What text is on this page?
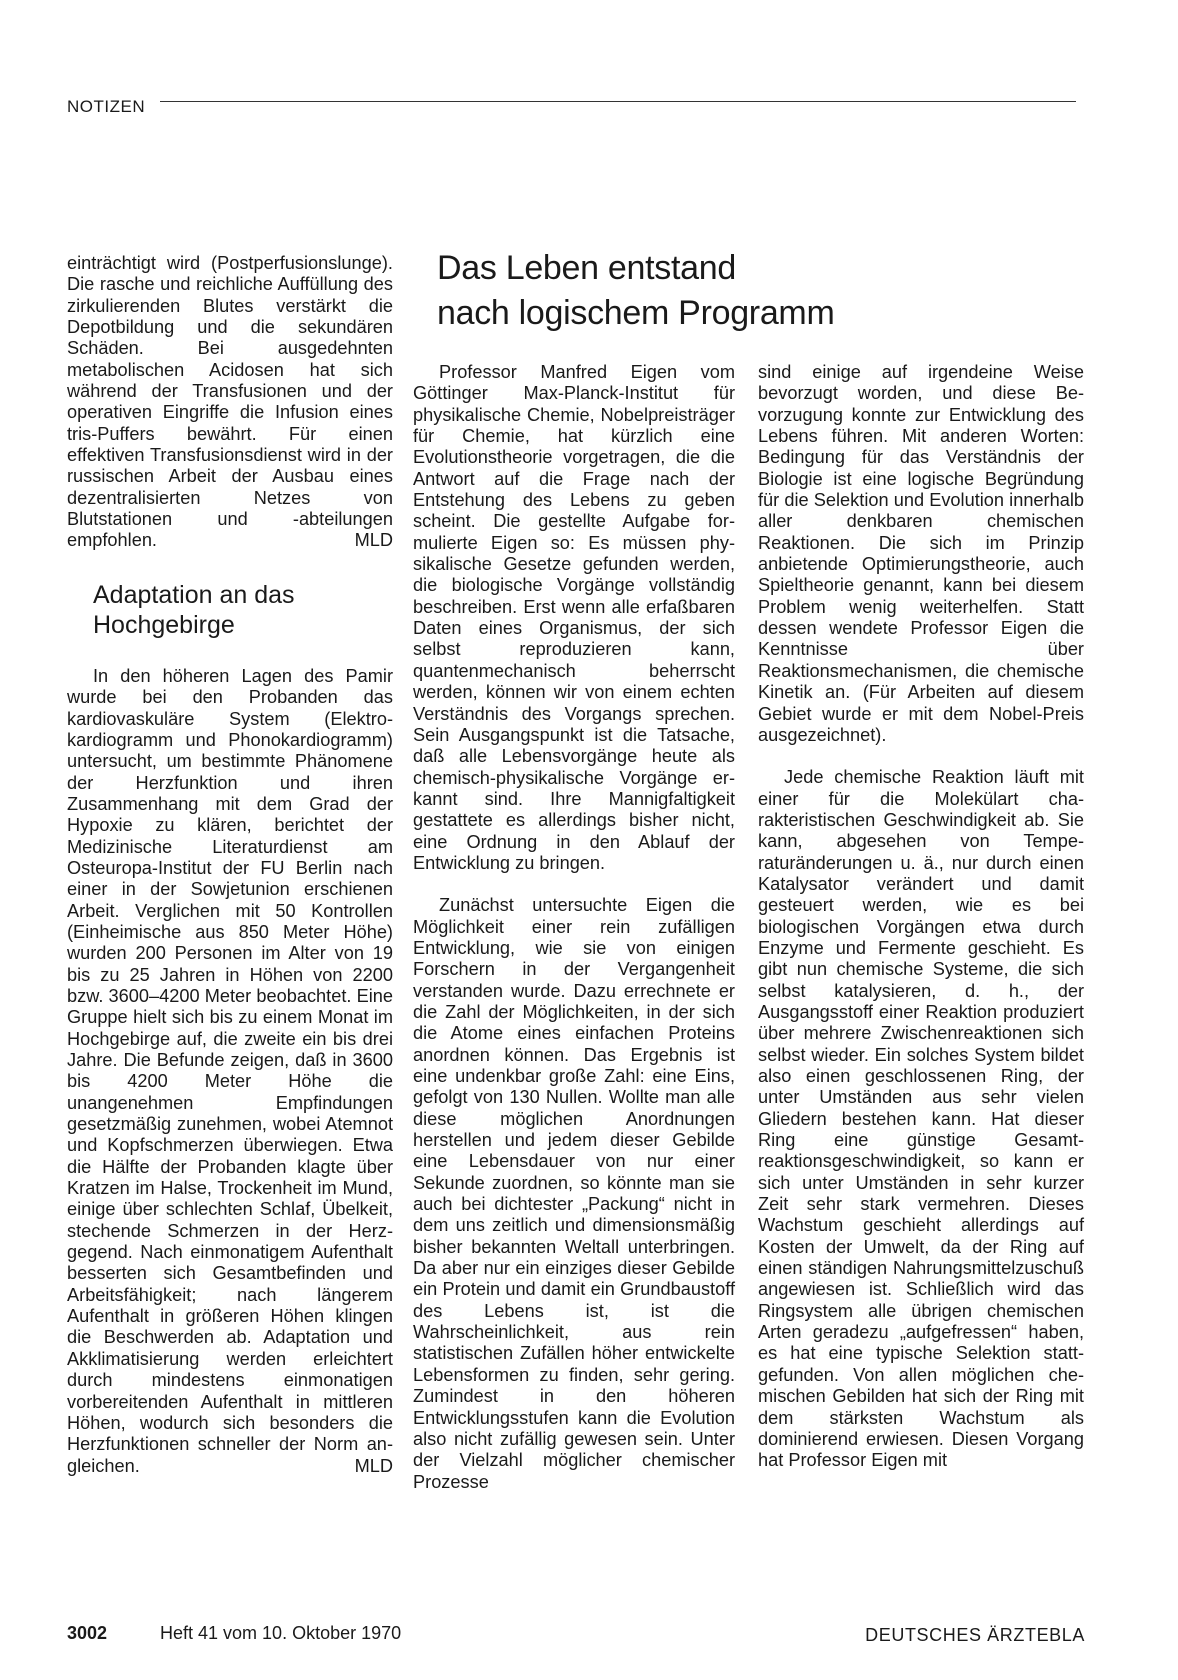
NOTIZEN
Das Leben entstand
nach logischem Programm

einträchtigt wird (Postperfusionslunge). Die rasche und reichliche Auffüllung des zirkulierenden Blutes verstärkt die Depotbildung und die sekundären Schäden. Bei ausgedehnten metabolischen Acidosen hat sich während der Transfusionen und der operativen Eingriffe die Infusion eines tris-Puffers bewährt. Für einen effektiven Transfusionsdienst wird in der russischen Arbeit der Ausbau eines dezentralisierten Netzes von Blutstationen und -abteilungen empfohlen.	MLD
Adaptation an das Hochgebirge

In den höheren Lagen des Pamir wurde bei den Probanden das kardiovaskuläre System (Elektrokardiogramm und Phonokardiogramm) untersucht, um bestimmte Phänomene der Herzfunktion und ihren Zusammenhang mit dem Grad der Hypoxie zu klären, berichtet der Medizinische Literaturdienst am Osteuropa-Institut der FU Berlin nach einer in der Sowjetunion erschienen Arbeit. Verglichen mit 50 Kontrollen (Einheimische aus 850 Meter Höhe) wurden 200 Personen im Alter von 19 bis zu 25 Jahren in Höhen von 2200 bzw. 3600–4200 Meter beobachtet. Eine Gruppe hielt sich bis zu einem Monat im Hochgebirge auf, die zweite ein bis drei Jahre. Die Befunde zeigen, daß in 3600 bis 4200 Meter Höhe die unangenehmen Empfindungen gesetzmäßig zunehmen, wobei Atemnot und Kopfschmerzen überwiegen. Etwa die Hälfte der Probanden klagte über Kratzen im Halse, Trockenheit im Mund, einige über schlechten Schlaf, Übelkeit, stechende Schmerzen in der Herzgegend. Nach einmonatigem Aufenthalt besserten sich Gesamtbefinden und Arbeitsfähigkeit; nach längerem Aufenthalt in größeren Höhen klingen die Beschwerden ab. Adaptation und Akklimatisierung werden erleichtert durch mindestens einmonatigen vorbereitenden Aufenthalt in mittleren Höhen, wodurch sich besonders die Herzfunktionen schneller der Norm angleichen.	MLD

Professor Manfred Eigen vom Göttinger Max-Planck-Institut für physikalische Chemie, Nobelpreisträger für Chemie, hat kürzlich eine Evolutionstheorie vorgetragen, die die Antwort auf die Frage nach der Entstehung des Lebens zu geben scheint. Die gestellte Aufgabe formulierte Eigen so: Es müssen physikalische Gesetze gefunden werden, die biologische Vorgänge vollständig beschreiben. Erst wenn alle erfaßbaren Daten eines Organismus, der sich selbst reproduzieren kann, quantenmechanisch beherrscht werden, können wir von einem echten Verständnis des Vorgangs sprechen. Sein Ausgangspunkt ist die Tatsache, daß alle Lebensvorgänge heute als chemisch-physikalische Vorgänge erkannt sind. Ihre Mannigfaltigkeit gestattete es allerdings bisher nicht, eine Ordnung in den Ablauf der Entwicklung zu bringen.

Zunächst untersuchte Eigen die Möglichkeit einer rein zufälligen Entwicklung, wie sie von einigen Forschern in der Vergangenheit verstanden wurde. Dazu errechnete er die Zahl der Möglichkeiten, in der sich die Atome eines einfachen Proteins anordnen können. Das Ergebnis ist eine undenkbar große Zahl: eine Eins, gefolgt von 130 Nullen. Wollte man alle diese möglichen Anordnungen herstellen und jedem dieser Gebilde eine Lebensdauer von nur einer Sekunde zuordnen, so könnte man sie auch bei dichtester „Packung“ nicht in dem uns zeitlich und dimensionsmäßig bisher bekannten Weltall unterbringen. Da aber nur ein einziges dieser Gebilde ein Protein und damit ein Grundbaustoff des Lebens ist, ist die Wahrscheinlichkeit, aus rein statistischen Zufällen höher entwickelte Lebensformen zu finden, sehr gering. Zumindest in den höheren Entwicklungsstufen kann die Evolution also nicht zufällig gewesen sein. Unter der Vielzahl möglicher chemischer Prozesse

sind einige auf irgendeine Weise bevorzugt worden, und diese Bevorzugung konnte zur Entwicklung des Lebens führen. Mit anderen Worten: Bedingung für das Verständnis der Biologie ist eine logische Begründung für die Selektion und Evolution innerhalb aller denkbaren chemischen Reaktionen. Die sich im Prinzip anbietende Optimierungstheorie, auch Spieltheorie genannt, kann bei diesem Problem wenig weiterhelfen. Statt dessen wendete Professor Eigen die Kenntnisse über Reaktionsmechanismen, die chemische Kinetik an. (Für Arbeiten auf diesem Gebiet wurde er mit dem Nobel-Preis ausgezeichnet).

Jede chemische Reaktion läuft mit einer für die Molekülart charakteristischen Geschwindigkeit ab. Sie kann, abgesehen von Temperaturänderungen u. ä., nur durch einen Katalysator verändert und damit gesteuert werden, wie es bei biologischen Vorgängen etwa durch Enzyme und Fermente geschieht. Es gibt nun chemische Systeme, die sich selbst katalysieren, d. h., der Ausgangsstoff einer Reaktion produziert über mehrere Zwischenreaktionen sich selbst wieder. Ein solches System bildet also einen geschlossenen Ring, der unter Umständen aus sehr vielen Gliedern bestehen kann. Hat dieser Ring eine günstige Gesamtreaktionsgeschwindigkeit, so kann er sich unter Umständen in sehr kurzer Zeit sehr stark vermehren. Dieses Wachstum geschieht allerdings auf Kosten der Umwelt, da der Ring auf einen ständigen Nahrungsmittelzuschuß angewiesen ist. Schließlich wird das Ringsystem alle übrigen chemischen Arten geradezu „aufgefressen“ haben, es hat eine typische Selektion stattgefunden. Von allen möglichen chemischen Gebilden hat sich der Ring mit dem stärksten Wachstum als dominierend erwiesen. Diesen Vorgang hat Professor Eigen mit

3002	Heft 41 vom 10. Oktober 1970	DEUTSCHES ÄRZTEBLA
